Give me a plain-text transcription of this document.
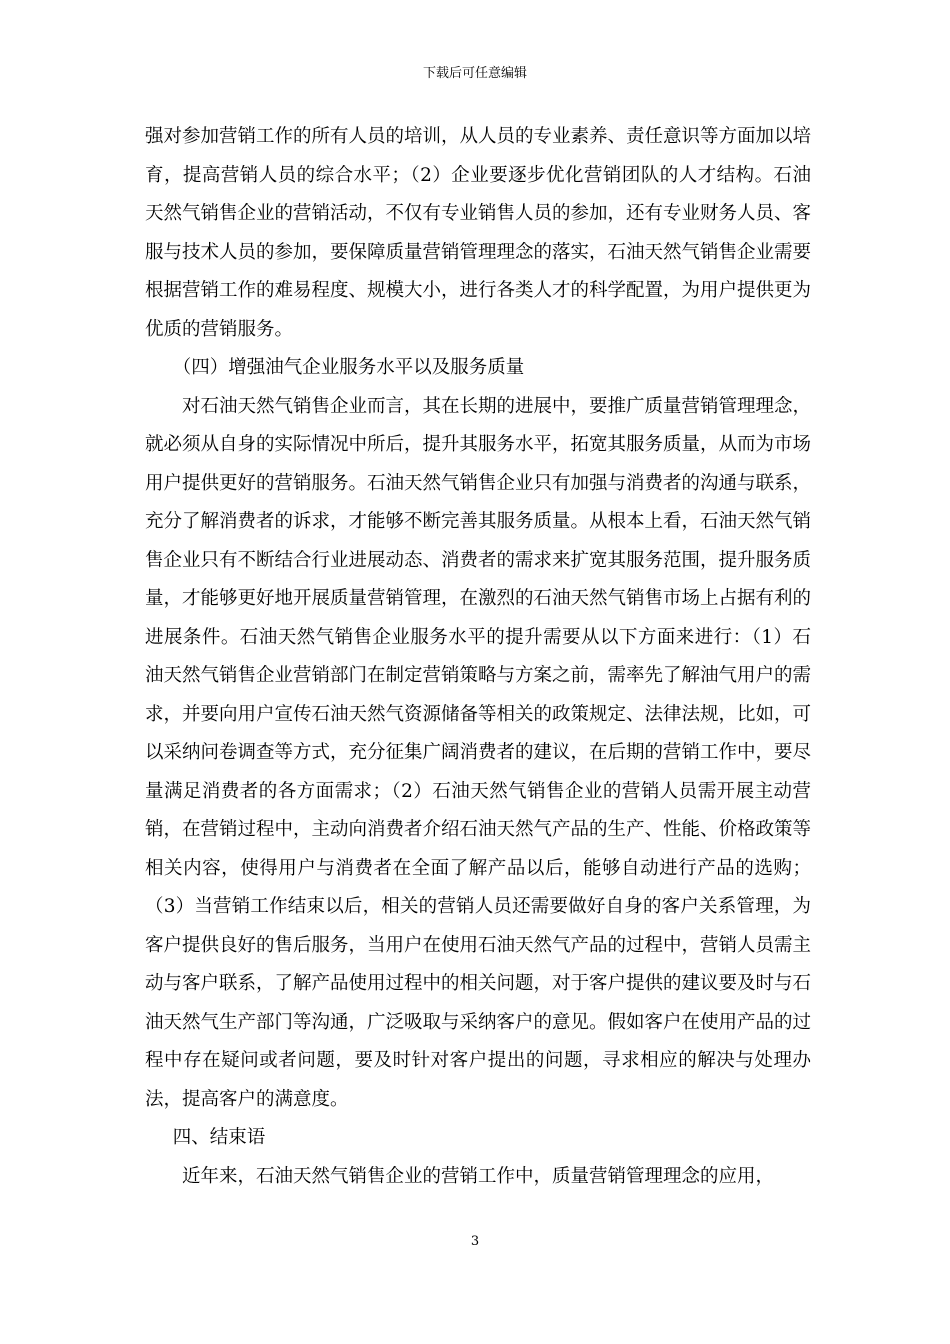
下载后可任意编辑

强对参加营销工作的所有人员的培训，从人员的专业素养、责任意识等方面加以培育，提高营销人员的综合水平；（2）企业要逐步优化营销团队的人才结构。石油天然气销售企业的营销活动，不仅有专业销售人员的参加，还有专业财务人员、客服与技术人员的参加，要保障质量营销管理理念的落实，石油天然气销售企业需要根据营销工作的难易程度、规模大小，进行各类人才的科学配置，为用户提供更为优质的营销服务。

（四）增强油气企业服务水平以及服务质量

对石油天然气销售企业而言，其在长期的进展中，要推广质量营销管理理念，就必须从自身的实际情况中所后，提升其服务水平，拓宽其服务质量，从而为市场用户提供更好的营销服务。石油天然气销售企业只有加强与消费者的沟通与联系，充分了解消费者的诉求，才能够不断完善其服务质量。从根本上看，石油天然气销售企业只有不断结合行业进展动态、消费者的需求来扩宽其服务范围，提升服务质量，才能够更好地开展质量营销管理，在激烈的石油天然气销售市场上占据有利的进展条件。石油天然气销售企业服务水平的提升需要从以下方面来进行：（1）石油天然气销售企业营销部门在制定营销策略与方案之前，需率先了解油气用户的需求，并要向用户宣传石油天然气资源储备等相关的政策规定、法律法规，比如，可以采纳问卷调查等方式，充分征集广阔消费者的建议，在后期的营销工作中，要尽量满足消费者的各方面需求；（2）石油天然气销售企业的营销人员需开展主动营销，在营销过程中，主动向消费者介绍石油天然气产品的生产、性能、价格政策等相关内容，使得用户与消费者在全面了解产品以后，能够自动进行产品的选购；（3）当营销工作结束以后，相关的营销人员还需要做好自身的客户关系管理，为客户提供良好的售后服务，当用户在使用石油天然气产品的过程中，营销人员需主动与客户联系，了解产品使用过程中的相关问题，对于客户提供的建议要及时与石油天然气生产部门等沟通，广泛吸取与采纳客户的意见。假如客户在使用产品的过程中存在疑问或者问题，要及时针对客户提出的问题，寻求相应的解决与处理办法，提高客户的满意度。

四、结束语

近年来，石油天然气销售企业的营销工作中，质量营销管理理念的应用，

3
